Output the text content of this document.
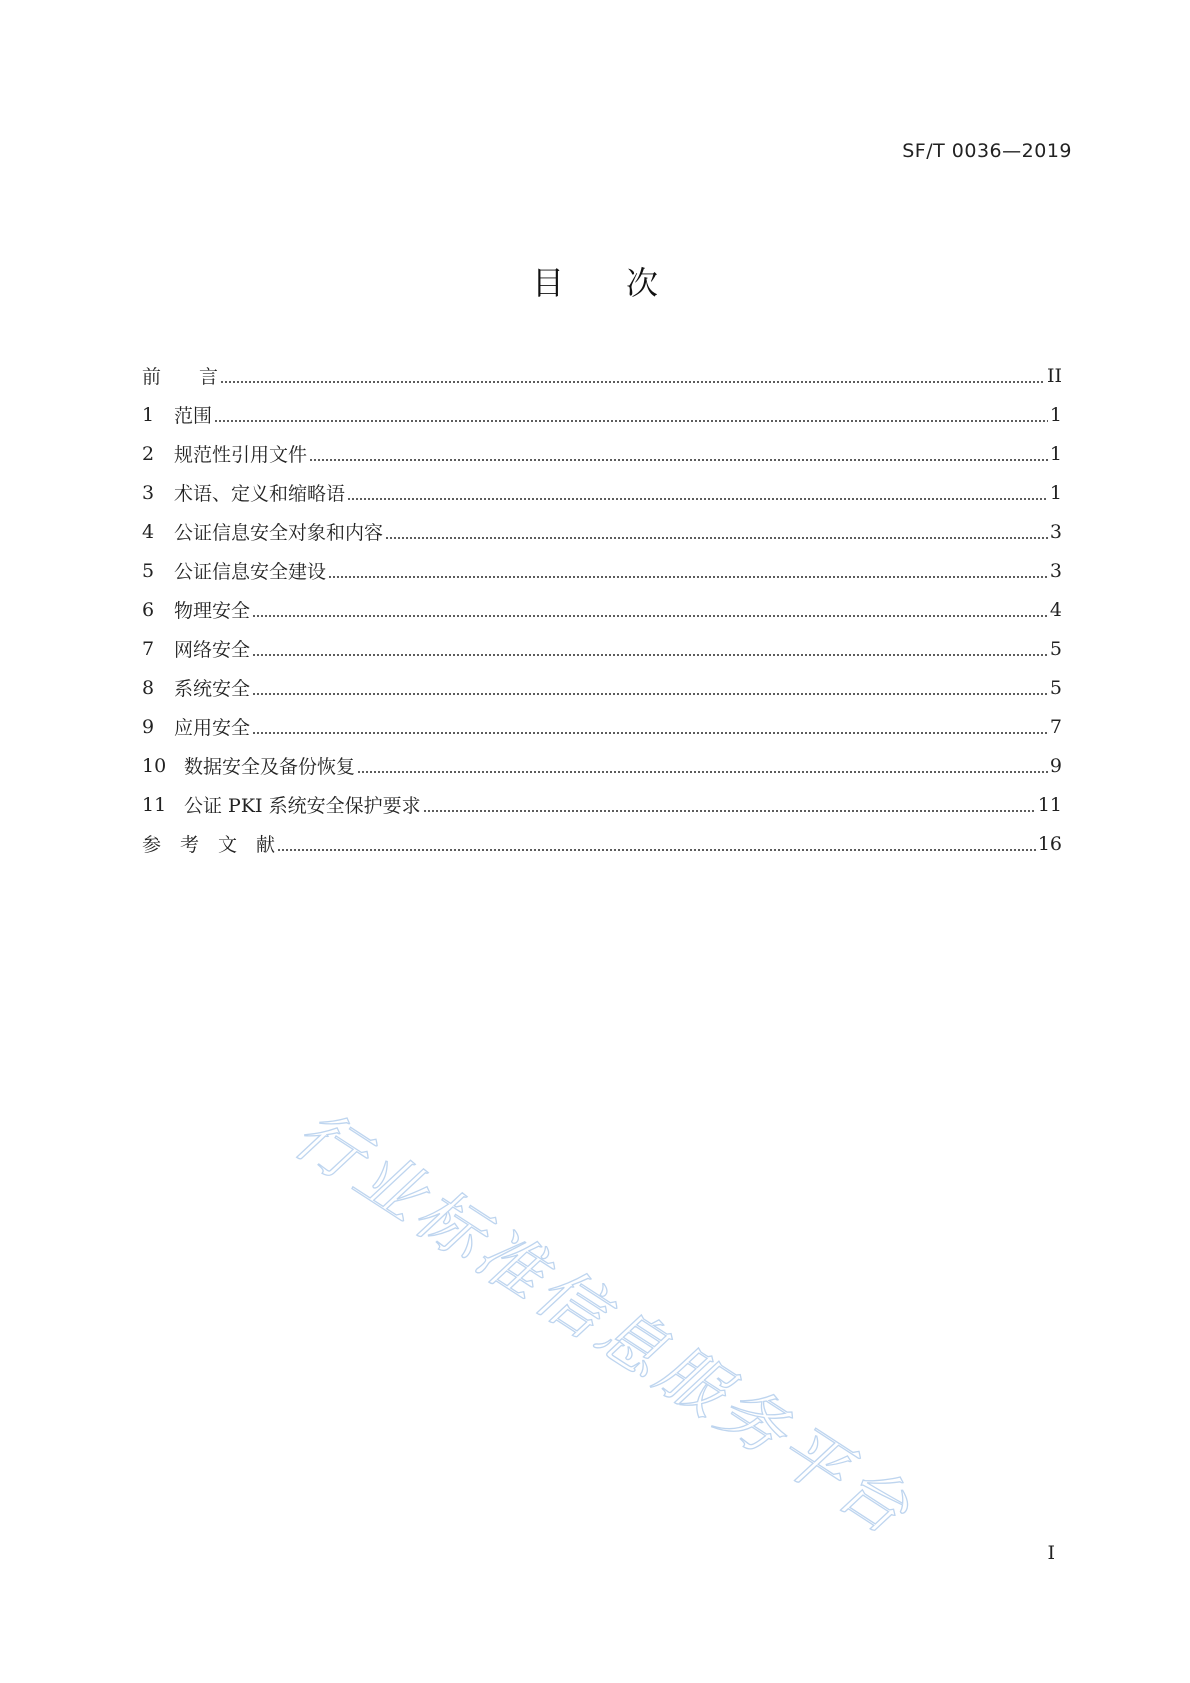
SF/T 0036—2019
目次
前　　言	II
1	范围	1
2	规范性引用文件	1
3	术语、定义和缩略语	1
4	公证信息安全对象和内容	3
5	公证信息安全建设	3
6	物理安全	4
7	网络安全	5
8	系统安全	5
9	应用安全	7
10 数据安全及备份恢复	9
11 公证 PKI 系统安全保护要求	11
参　考　文　献	16
行业标准信息服务平台
I
